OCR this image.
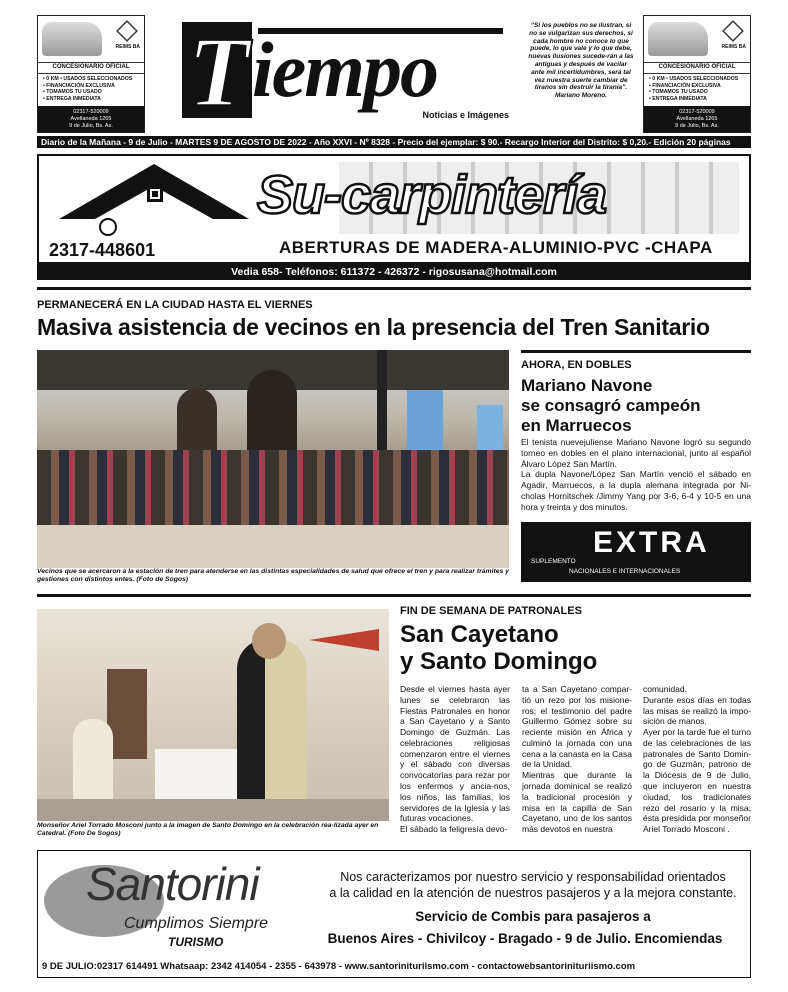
REIMS BA
CONCESIONARIO OFICIAL
• 0 KM • USADOS SELECCIONADOS
• FINANCIACIÓN EXCLUSIVA
• TOMAMOS TU USADO
• ENTREGA INMEDIATA
02317-520009
Avellaneda 1265
9 de Julio, Bs. As. T iempo
Noticias e Imágenes
“Si los pueblos no se ilustran, si no se vulgarizan sus derechos, si cada hombre no conoce lo que puede, lo que vale y lo que debe, nuevas ilusiones sucede-rán a las antiguas y después de vacilar ante mil incertidumbres, será tal vez nuestra suerte cambiar de tiranos sin destruir la tiranía”. Mariano Moreno.
REIMS BA
CONCESIONARIO OFICIAL
• 0 KM • USADOS SELECCIONADOS
• FINANCIACIÓN EXCLUSIVA
• TOMAMOS TU USADO
• ENTREGA INMEDIATA
02317-520009
Avellaneda 1265
9 de Julio, Bs. As.
Diario de la Mañana - 9 de Julio - MARTES 9 DE AGOSTO DE 2022 - Año XXVI - Nº 8328 - Precio del ejemplar: $ 90.- Recargo Interior del Distrito: $ 0,20.- Edición 20 páginas
Su-carpintería
2317-448601	ABERTURAS DE MADERA-ALUMINIO-PVC -CHAPA
Vedia 658- Teléfonos: 611372 - 426372 - rigosusana@hotmail.com
PERMANECERÁ EN LA CIUDAD HASTA EL VIERNES
Masiva asistencia de vecinos en la presencia del Tren Sanitario
Vecinos que se acercaron a la estación de tren para atenderse en las distintas especialidades de salud que ofrece el tren y para realizar trámites y gestiones con distintos entes. (Foto de Sogos)
AHORA, EN DOBLES
Mariano Navone
se consagró campeón
en Marruecos
El tenista nuevejuliense Mariano Navone logró su segundo torneo en dobles en el plano internacional, junto al español Álvaro López San Martín.
La dupla Navone/López San Martín venció el sábado en Agadir, Marruecos, a la dupla alemana integrada por Ni-cholas Hornitschek /Jimmy Yang por 3-6, 6-4 y 10-5 en una hora y treinta y dos minutos.
SUPLEMENTO
EXTRA
NACIONALES E INTERNACIONALES
Monseñor Ariel Torrado Mosconi junto a la imagen de Santo Domingo en la celebración rea-lizada ayer en Catedral. (Foto De Sogos)
FIN DE SEMANA DE PATRONALES
San Cayetano
y Santo Domingo
Desde el viernes hasta ayer lunes se celebraron las Fiestas Patronales en honor a San Cayetano y a Santo Domingo de Guzmán. Las celebraciones religiosas comenzaron entre el viernes y el sábado con diversas convocatorias para rezar por los enfermos y ancia-nos, los niños, las familias, los servidores de la Iglesia y las futuras vocaciones.
El sábado la feligresía devo-
ta a San Cayetano compar-tió un rezo por los misione-ros; el testimonio del padre Guillermo Gómez sobre su reciente misión en África y culminó la jornada con una cena a la canasta en la Casa de la Unidad.
Mientras que durante la jornada dominical se realizó la tradicional procesión y misa en la capilla de San Cayetano, uno de los santos más devotos en nuestra
comunidad.
Durante esos días en todas las misas se realizó la impo-sición de manos.
Ayer por la tarde fue el turno de las celebraciones de las patronales de Santo Domin-go de Guzmán, patrono de la Diócesis de 9 de Julio, que incluyeron en nuestra ciudad, los tradicionales rezo del rosario y la misa, ésta presidida por monseñor Ariel Torrado Mosconi .
Santorini
Cumplimos Siempre
TURISMO
Nos caracterizamos por nuestro servicio y responsabilidad orientados
a la calidad en la atención de nuestros pasajeros y a la mejora constante.
Servicio de Combis para pasajeros a
Buenos Aires - Chivilcoy - Bragado - 9 de Julio. Encomiendas
9 DE JULIO:02317 614491 Whatsaap: 2342 414054 - 2355 - 643978 - www.santorinituriismo.com - contactowebsantorinituriismo.com
